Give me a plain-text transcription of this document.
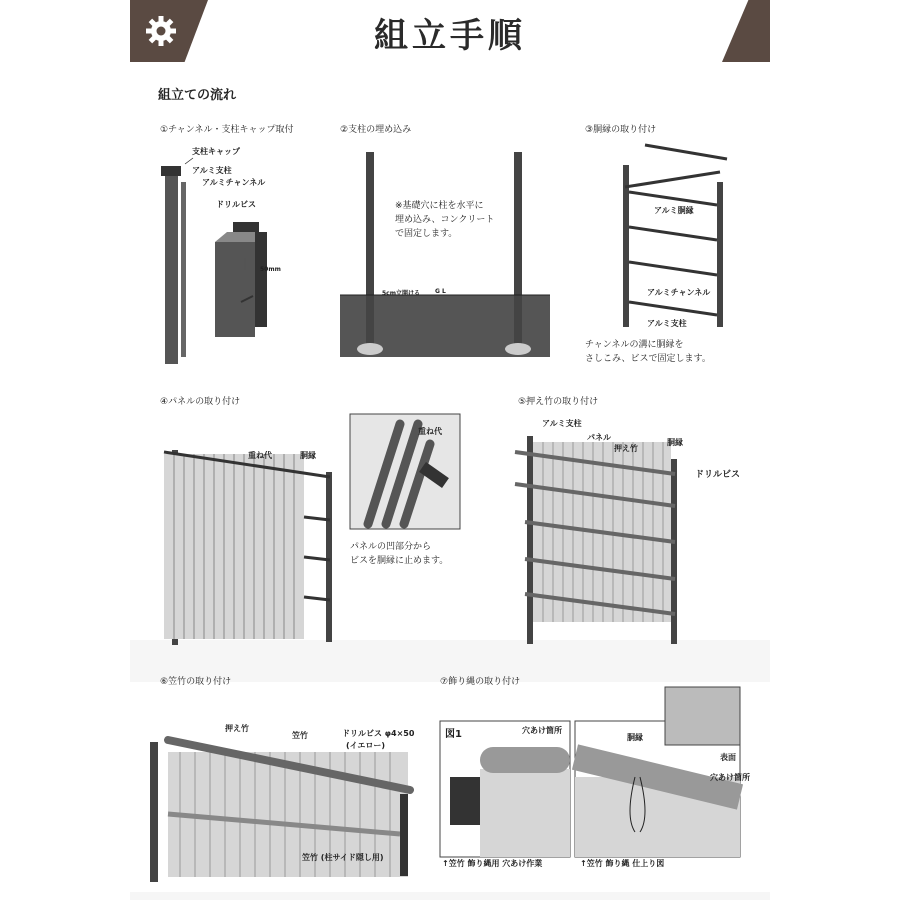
組立手順
組立ての流れ
①チャンネル・支柱キャップ取付
支柱キャップ
アルミ支柱
アルミチャンネル
ドリルビス
50mm
②支柱の埋め込み
※基礎穴に柱を水平に
埋め込み、コンクリート
で固定します。
5cm立開ける	G L
③胴縁の取り付け
アルミ胴縁
アルミチャンネル
アルミ支柱
チャンネルの溝に胴縁を
さしこみ、ビスで固定します。
④パネルの取り付け
重ね代	胴縁
重ね代
パネルの凹部分から
ビスを胴縁に止めます。
⑤押え竹の取り付け
アルミ支柱
パネル
押え竹
胴縁
ドリルビス
⑥笠竹の取り付け
押え竹
笠竹	ドリルビス φ4×50
(イエロー)
笠竹 (柱サイド隠し用)
⑦飾り縄の取り付け
図1	穴あけ箇所
胴縁
表面
穴あけ箇所
↑笠竹 飾り縄用 穴あけ作業	↑笠竹 飾り縄 仕上り図
